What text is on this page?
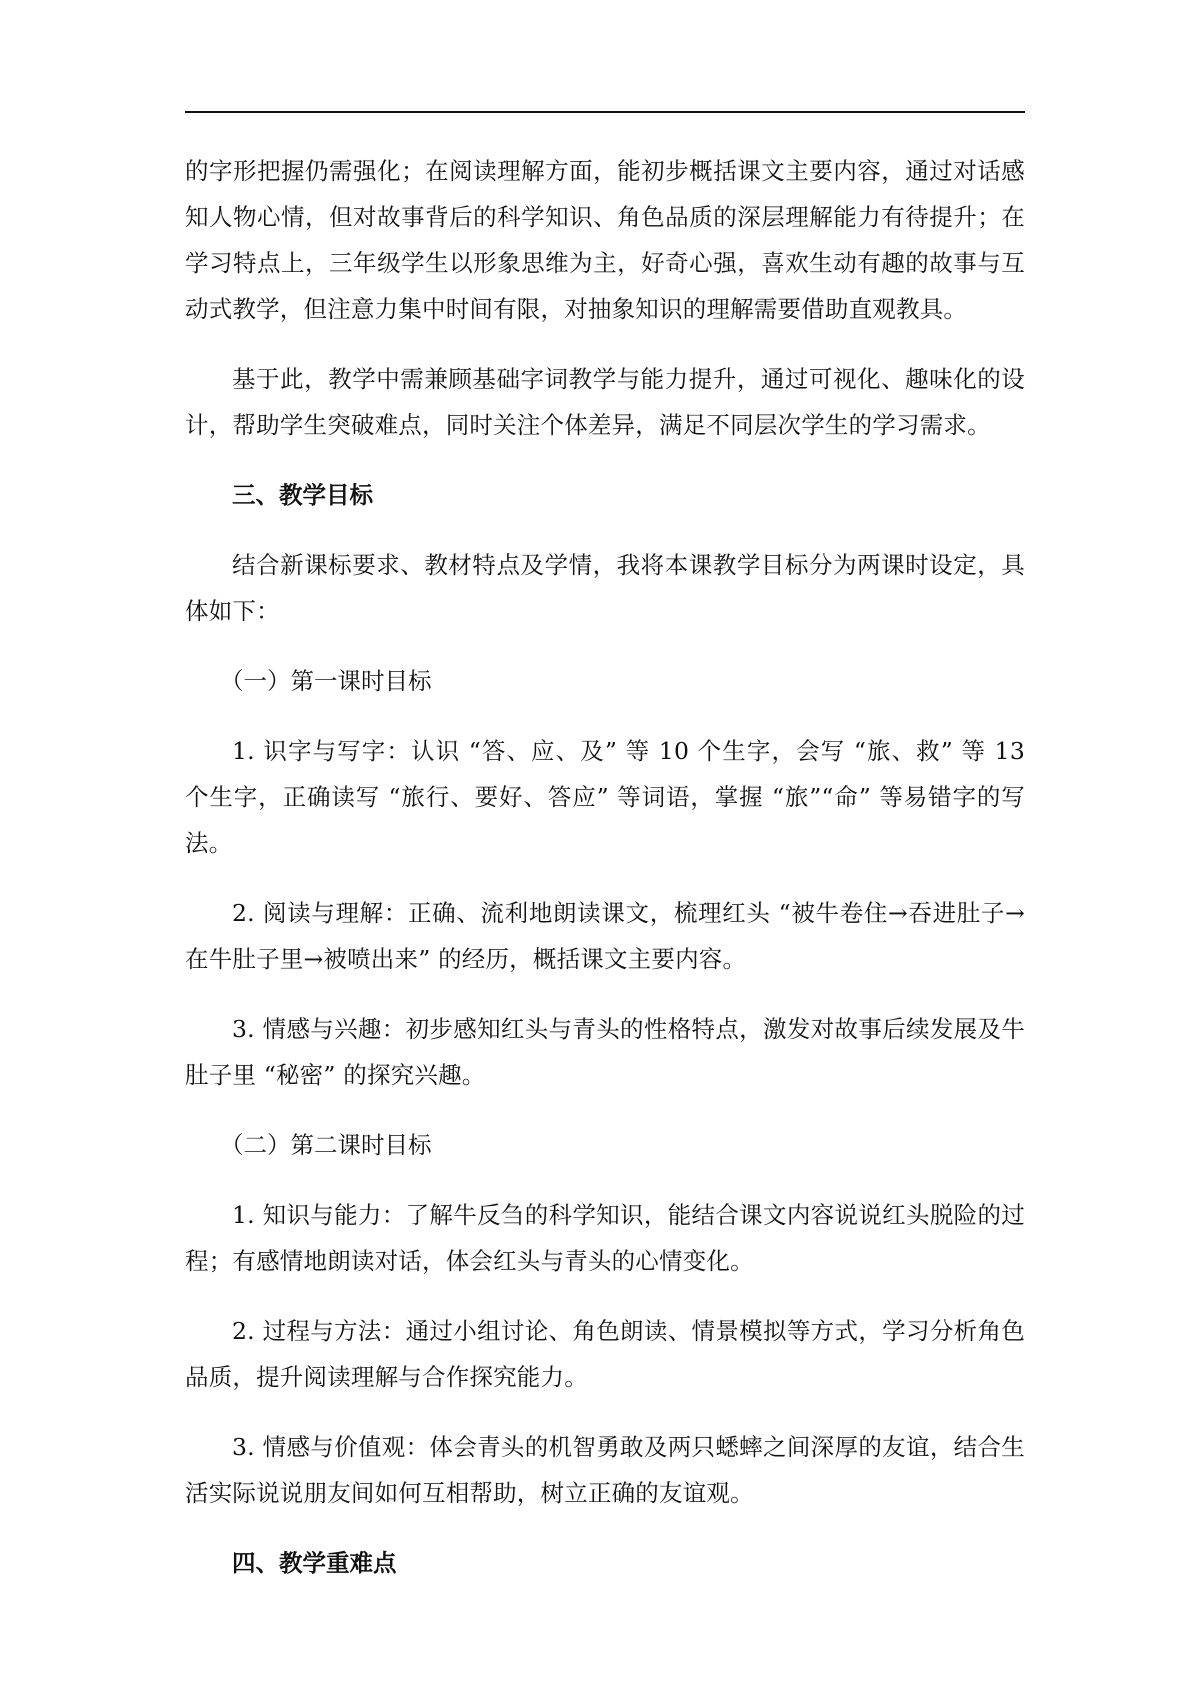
的字形把握仍需强化；在阅读理解方面，能初步概括课文主要内容，通过对话感知人物心情，但对故事背后的科学知识、角色品质的深层理解能力有待提升；在学习特点上，三年级学生以形象思维为主，好奇心强，喜欢生动有趣的故事与互动式教学，但注意力集中时间有限，对抽象知识的理解需要借助直观教具。

基于此，教学中需兼顾基础字词教学与能力提升，通过可视化、趣味化的设计，帮助学生突破难点，同时关注个体差异，满足不同层次学生的学习需求。

三、教学目标

结合新课标要求、教材特点及学情，我将本课教学目标分为两课时设定，具体如下：

（一）第一课时目标

1. 识字与写字：认识 “答、应、及” 等 10 个生字，会写 “旅、救” 等 13 个生字，正确读写 “旅行、要好、答应” 等词语，掌握 “旅”“命” 等易错字的写法。

2. 阅读与理解：正确、流利地朗读课文，梳理红头 “被牛卷住→吞进肚子→在牛肚子里→被喷出来” 的经历，概括课文主要内容。

3. 情感与兴趣：初步感知红头与青头的性格特点，激发对故事后续发展及牛肚子里 “秘密” 的探究兴趣。

（二）第二课时目标

1. 知识与能力：了解牛反刍的科学知识，能结合课文内容说说红头脱险的过程；有感情地朗读对话，体会红头与青头的心情变化。

2. 过程与方法：通过小组讨论、角色朗读、情景模拟等方式，学习分析角色品质，提升阅读理解与合作探究能力。

3. 情感与价值观：体会青头的机智勇敢及两只蟋蟀之间深厚的友谊，结合生活实际说说朋友间如何互相帮助，树立正确的友谊观。

四、教学重难点
